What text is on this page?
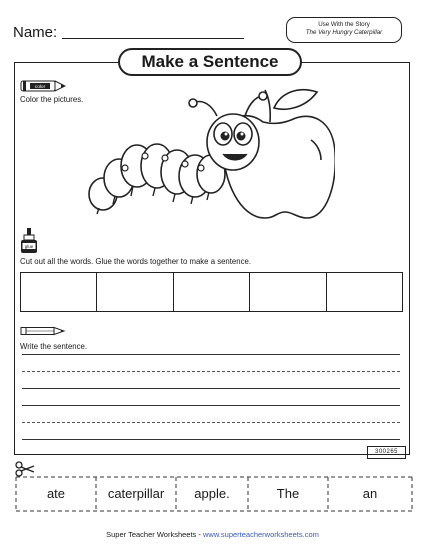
Name:	Use With the Story
The Very Hungry Caterpillar
Make a Sentence
color
Color the pictures.
glue
Cut out all the words. Glue the words together to make a sentence.
Write the sentence.
300265
ate	caterpillar	apple.	The	an
Super Teacher Worksheets - www.superteacherworksheets.com
